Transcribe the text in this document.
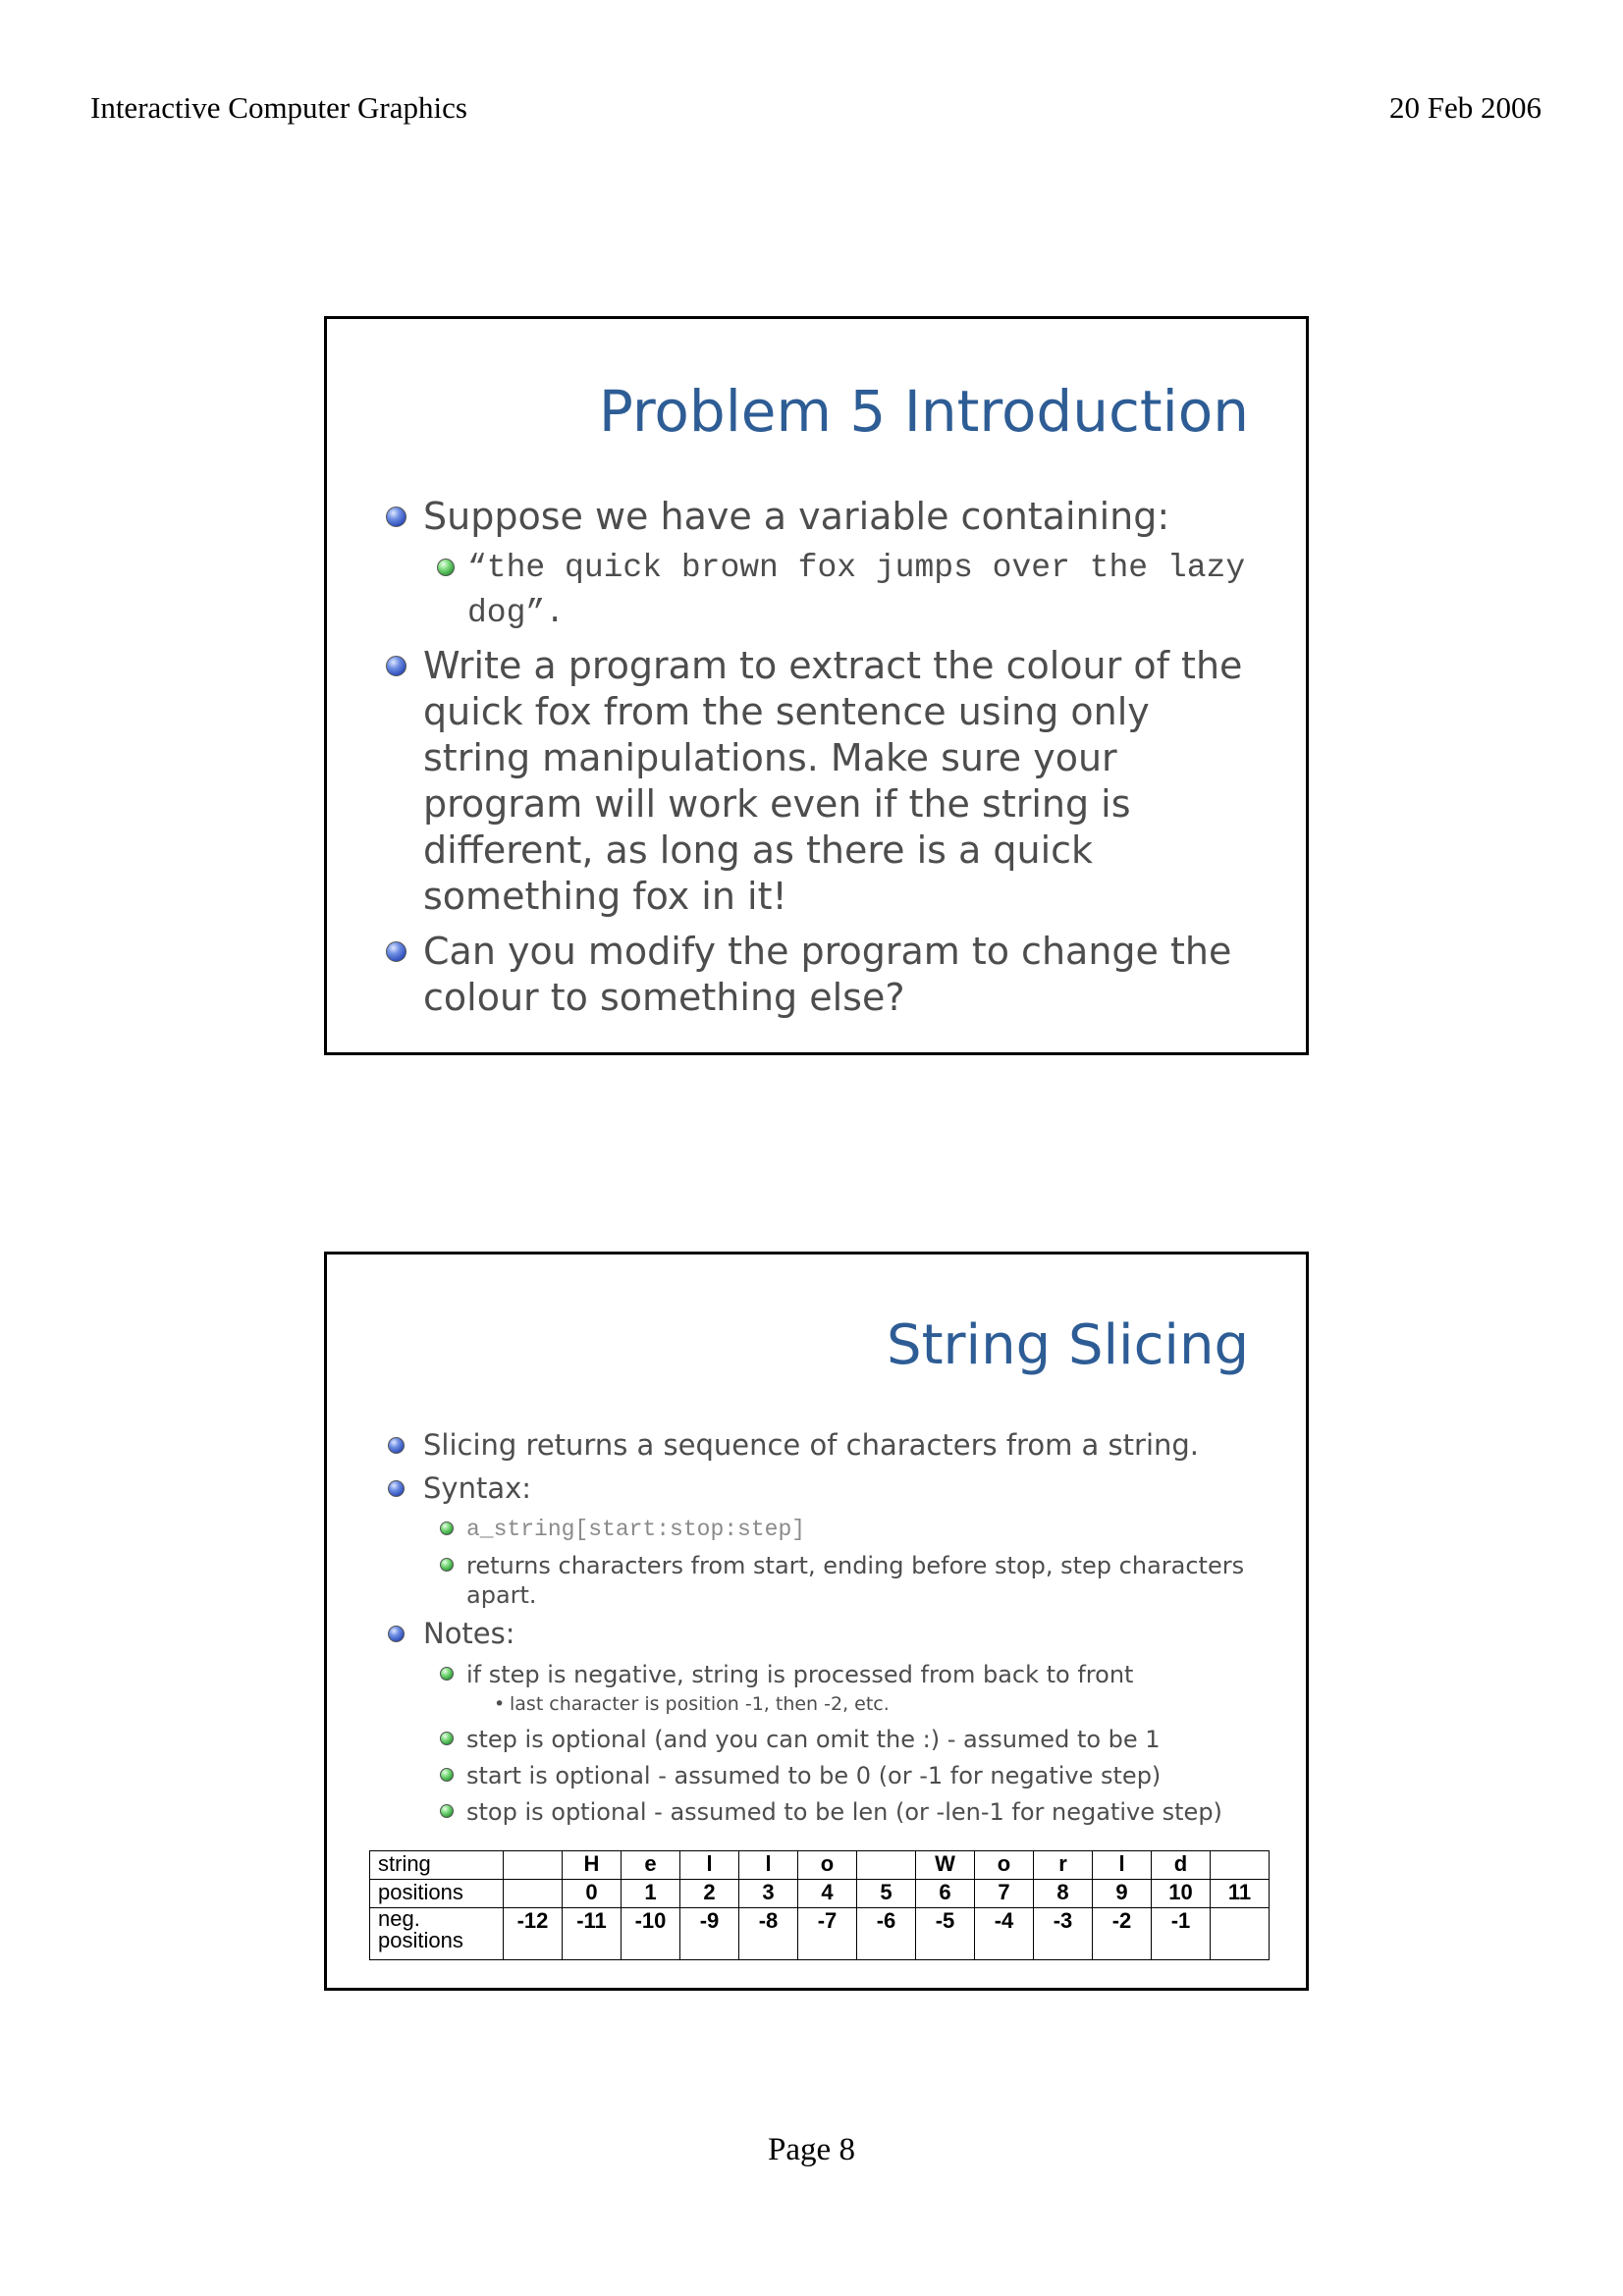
Interactive Computer Graphics	20 Feb 2006
Problem 5 Introduction
Suppose we have a variable containing:
“the quick brown fox jumps over the lazy dog”.
Write a program to extract the colour of the quick fox from the sentence using only string manipulations. Make sure your program will work even if the string is different, as long as there is a quick something fox in it!
Can you modify the program to change the colour to something else?
String Slicing
Slicing returns a sequence of characters from a string.
Syntax:
a_string[start:stop:step]
returns characters from start, ending before stop, step characters apart.
Notes:
if step is negative, string is processed from back to front
• last character is position -1, then -2, etc.
step is optional (and you can omit the :) - assumed to be 1
start is optional - assumed to be 0 (or -1 for negative step)
stop is optional - assumed to be len (or -len-1 for negative step)
string		H	e	l	l	o		W	o	r	l	d	
positions		0	1	2	3	4	5	6	7	8	9	10	11
neg. positions	-12	-11	-10	-9	-8	-7	-6	-5	-4	-3	-2	-1	
Page 8
